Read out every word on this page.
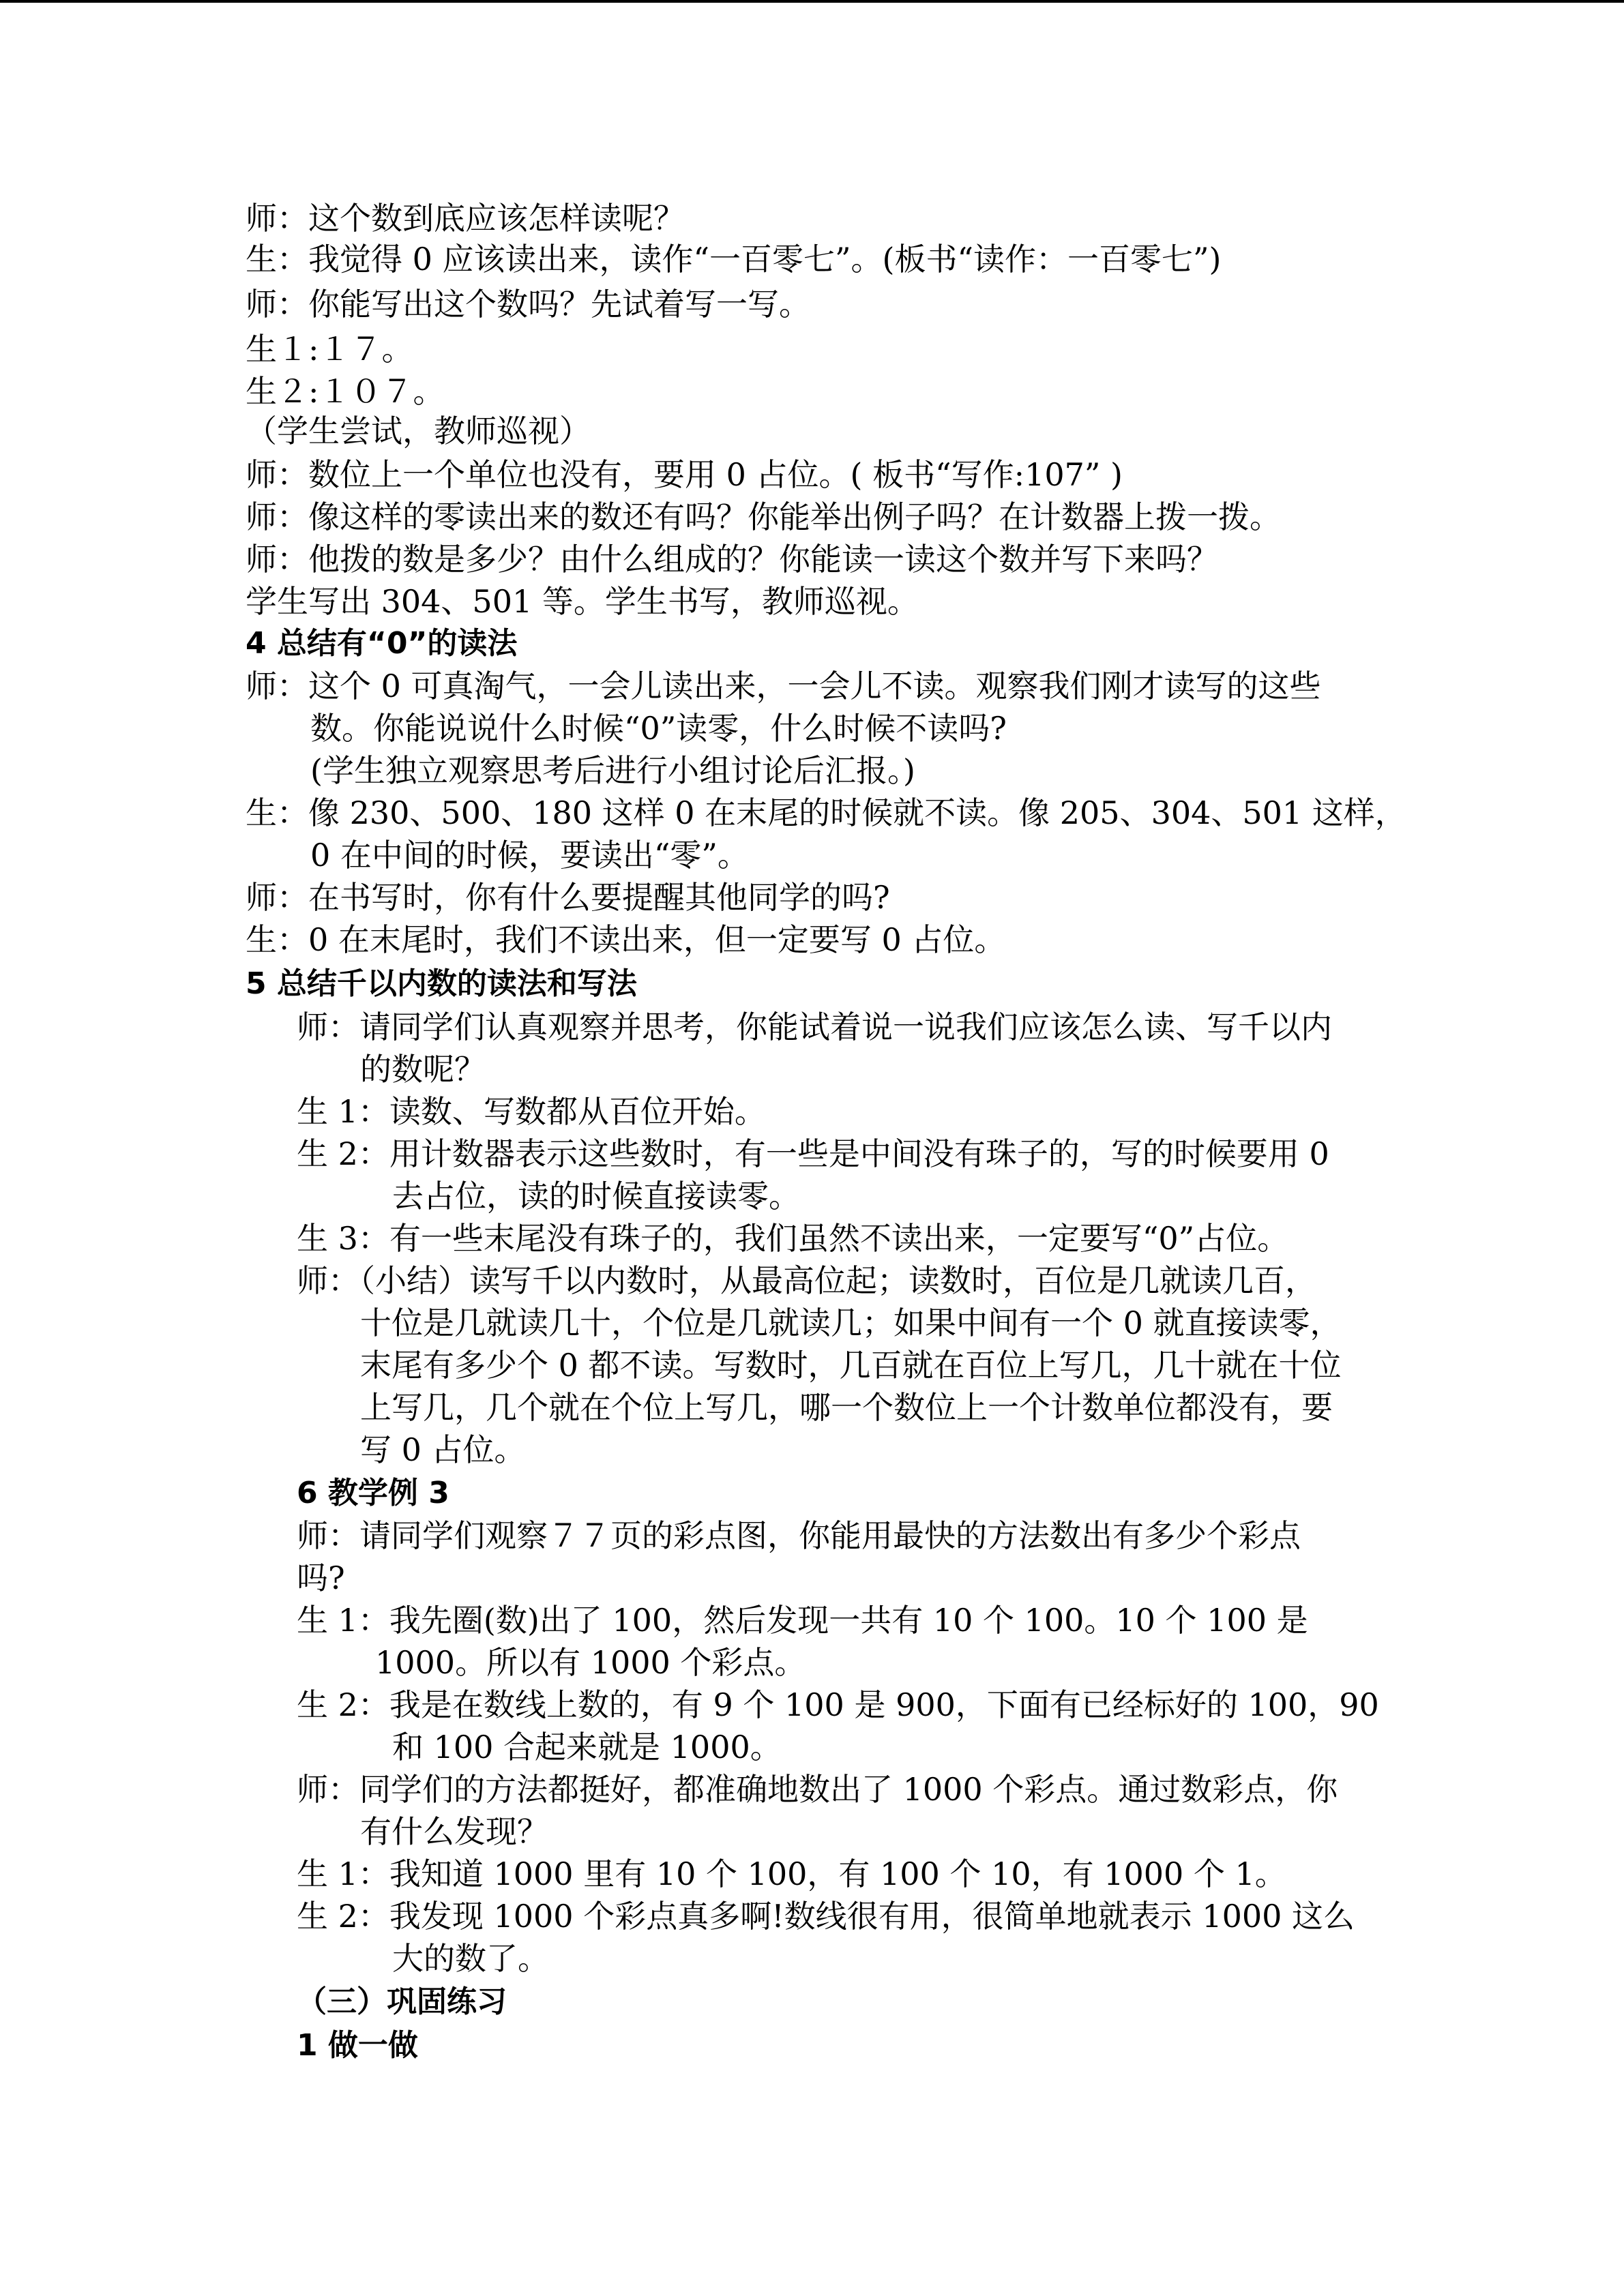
师：这个数到底应该怎样读呢？
生：我觉得 0 应该读出来，读作“一百零七”。(板书“读作：一百零七”)
师：你能写出这个数吗？先试着写一写。
生１:１７。
生２:１０７。
（学生尝试，教师巡视）
师：数位上一个单位也没有，要用 0 占位。( 板书“写作:107” )
师：像这样的零读出来的数还有吗？你能举出例子吗？在计数器上拨一拨。
师：他拨的数是多少？由什么组成的？你能读一读这个数并写下来吗？
学生写出 304、501 等。学生书写，教师巡视。
4 总结有“0”的读法
师：这个 0 可真淘气，一会儿读出来，一会儿不读。观察我们刚才读写的这些
数。你能说说什么时候“0”读零，什么时候不读吗?
(学生独立观察思考后进行小组讨论后汇报。)
生：像 230、500、180 这样 0 在末尾的时候就不读。像 205、304、501 这样，
0 在中间的时候，要读出“零”。
师：在书写时，你有什么要提醒其他同学的吗?
生：0 在末尾时，我们不读出来，但一定要写 0 占位。
5 总结千以内数的读法和写法
师：请同学们认真观察并思考，你能试着说一说我们应该怎么读、写千以内
的数呢？
生 1：读数、写数都从百位开始。
生 2：用计数器表示这些数时，有一些是中间没有珠子的，写的时候要用 0
去占位，读的时候直接读零。
生 3：有一些末尾没有珠子的，我们虽然不读出来，一定要写“0”占位。
师：（小结）读写千以内数时，从最高位起；读数时，百位是几就读几百，
十位是几就读几十，个位是几就读几；如果中间有一个 0 就直接读零，
末尾有多少个 0 都不读。写数时，几百就在百位上写几，几十就在十位
上写几，几个就在个位上写几，哪一个数位上一个计数单位都没有，要
写 0 占位。
6 教学例 3
师：请同学们观察７７页的彩点图，你能用最快的方法数出有多少个彩点
吗?
生 1：我先圈(数)出了 100，然后发现一共有 10 个 100。10 个 100 是
1000。所以有 1000 个彩点。
生 2：我是在数线上数的，有 9 个 100 是 900，下面有已经标好的 100，90
和 100 合起来就是 1000。
师：同学们的方法都挺好，都准确地数出了 1000 个彩点。通过数彩点，你
有什么发现？
生 1：我知道 1000 里有 10 个 100，有 100 个 10，有 1000 个 1。
生 2：我发现 1000 个彩点真多啊!数线很有用，很简单地就表示 1000 这么
大的数了。
（三）巩固练习
1 做一做
